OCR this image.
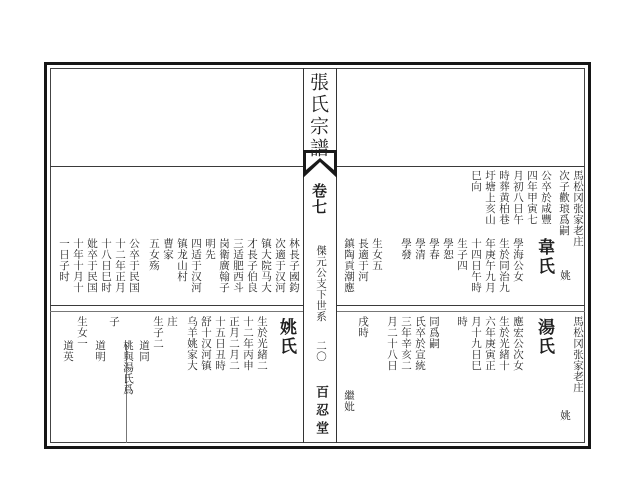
張氏宗譜
卷七
傑元公支下世系
二〇
百忍堂
馬松冈张家老庄
姚
次子歡琅爲嗣
公卒於咸豐
四年甲寅七
月初八日午
時葬黄柏巷
圩塘上亥山
巳向
韋氏
學海公女
生於同治九
年庚午九月
十四日午時
生子四
學恕
學春
學清
學發
生女五
長適于河
鎮陶貢潮應
馬松冈张家老庄
姚
湯氏
應宏公次女
生於光緒十
六年庚寅正
月十九日巳
時
同爲嗣
氏卒於宣統
三年辛亥二
月二十八日
戌時
繼妣
林長子國鈞
次適于汉河
镇大院马大
才長子伯良
三适肥西斗
岗衛廣翰子
明先
四适于汉河
镇龙山村
曹家
五女殇
公卒于民国
十二年正月
十八日巳时
妣卒于民国
十年十月十
一日子时
姚氏
生於光緒二
十二年丙申
正月二月二
十五日丑時
舒十汉河镇
乌羊姚家大
庄
生子二
道同
子
桃與湯氏爲
道明
生女一
道英
